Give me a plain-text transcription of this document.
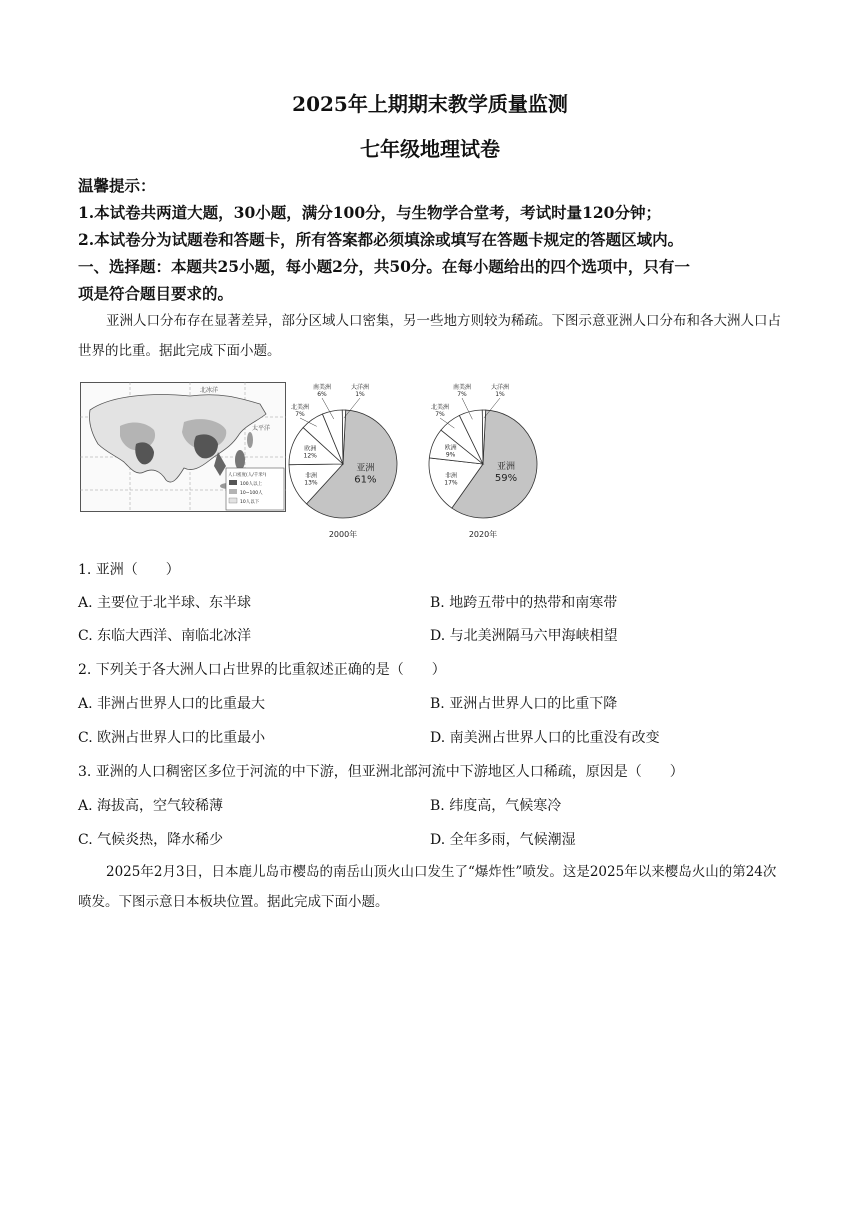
2025年上期期末教学质量监测
七年级地理试卷
温馨提示：
1.本试卷共两道大题，30小题，满分100分，与生物学合堂考，考试时量120分钟；
2.本试卷分为试题卷和答题卡，所有答案都必须填涂或填写在答题卡规定的答题区域内。
一、选择题：本题共25小题，每小题2分，共50分。在每小题给出的四个选项中，只有一
项是符合题目要求的。
亚洲人口分布存在显著差异，部分区域人口密集，另一些地方则较为稀疏。下图示意亚洲人口分布和各大洲人口占世界的比重。据此完成下面小题。
北冰洋
太平洋
人口密度(人/千米²)
100人以上
10~100人
10人以下
亚洲
61%
非洲
13%
欧洲
12%
北美洲
7%
南美洲
6%
大洋洲
1%
2000年
亚洲
59%
非洲
17%
欧洲
9%
北美洲
7%
南美洲
7%
大洋洲
1%
2020年
1. 亚洲（　　）
A. 主要位于北半球、东半球	B. 地跨五带中的热带和南寒带
C. 东临大西洋、南临北冰洋	D. 与北美洲隔马六甲海峡相望
2. 下列关于各大洲人口占世界的比重叙述正确的是（　　）
A. 非洲占世界人口的比重最大	B. 亚洲占世界人口的比重下降
C. 欧洲占世界人口的比重最小	D. 南美洲占世界人口的比重没有改变
3. 亚洲的人口稠密区多位于河流的中下游，但亚洲北部河流中下游地区人口稀疏，原因是（　　）
A. 海拔高，空气较稀薄	B. 纬度高，气候寒冷
C. 气候炎热，降水稀少	D. 全年多雨，气候潮湿
2025年2月3日，日本鹿儿岛市樱岛的南岳山顶火山口发生了“爆炸性”喷发。这是2025年以来樱岛火山的第24次喷发。下图示意日本板块位置。据此完成下面小题。
